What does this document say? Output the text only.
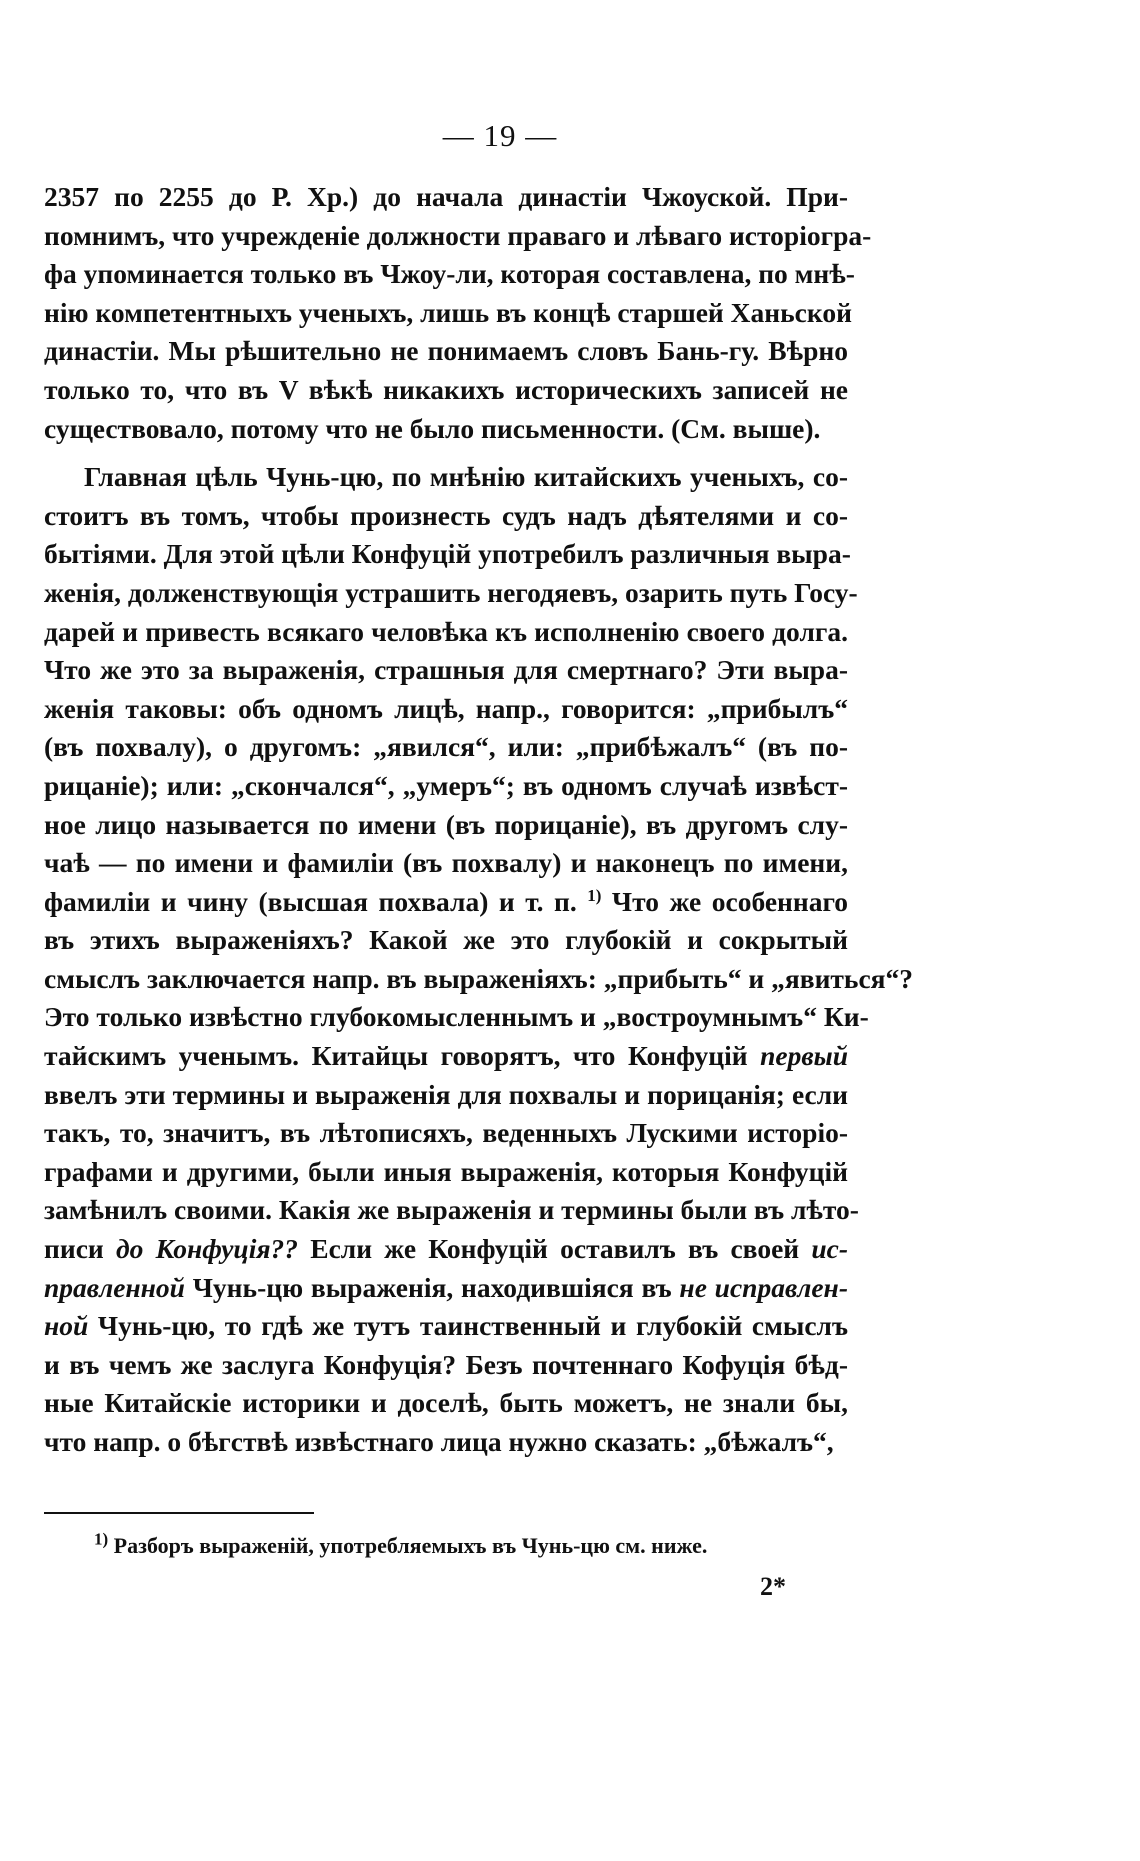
— 19 —
2357 по 2255 до Р. Хр.) до начала династіи Чжоуской. При-
помнимъ, что учрежденіе должности праваго и лѣваго исторіогра-
фа упоминается только въ Чжоу-ли, которая составлена, по мнѣ-
нію компетентныхъ ученыхъ, лишь въ концѣ старшей Ханьской
династіи. Мы рѣшительно не понимаемъ словъ Бань-гу. Вѣрно
только то, что въ V вѣкѣ никакихъ историческихъ записей не
существовало, потому что не было письменности. (См. выше).
Главная цѣль Чунь-цю, по мнѣнію китайскихъ ученыхъ, со-
стоитъ въ томъ, чтобы произнесть судъ надъ дѣятелями и со-
бытіями. Для этой цѣли Конфуцій употребилъ различныя выра-
женія, долженствующія устрашить негодяевъ, озарить путь Госу-
дарей и привесть всякаго человѣка къ исполненію своего долга.
Что же это за выраженія, страшныя для смертнаго? Эти выра-
женія таковы: объ одномъ лицѣ, напр., говорится: „прибылъ“
(въ похвалу), о другомъ: „явился“, или: „прибѣжалъ“ (въ по-
рицаніе); или: „скончался“, „умеръ“; въ одномъ случаѣ извѣст-
ное лицо называется по имени (въ порицаніе), въ другомъ слу-
чаѣ — по имени и фамиліи (въ похвалу) и наконецъ по имени,
фамиліи и чину (высшая похвала) и т. п. $^{1)}$ Что же особеннаго
въ этихъ выраженіяхъ? Какой же это глубокій и сокрытый
смыслъ заключается напр. въ выраженіяхъ: „прибыть“ и „явиться“?
Это только извѣстно глубокомысленнымъ и „востроумнымъ“ Ки-
тайскимъ ученымъ. Китайцы говорятъ, что Конфуцій первый
ввелъ эти термины и выраженія для похвалы и порицанія; если
такъ, то, значитъ, въ лѣтописяхъ, веденныхъ Лускими исторіо-
графами и другими, были иныя выраженія, которыя Конфуцій
замѣнилъ своими. Какія же выраженія и термины были въ лѣто-
писи до Конфуція?? Если же Конфуцій оставилъ въ своей ис-
правленной Чунь-цю выраженія, находившіяся въ не исправлен-
ной Чунь-цю, то гдѣ же тутъ таинственный и глубокій смыслъ
и въ чемъ же заслуга Конфуція? Безъ почтеннаго Кофуція бѣд-
ные Китайскіе историки и доселѣ, быть можетъ, не знали бы,
что напр. о бѣгствѣ извѣстнаго лица нужно сказать: „бѣжалъ“,
$^{1)}$ Разборъ выраженій, употребляемыхъ въ Чунь-цю см. ниже.
2*
